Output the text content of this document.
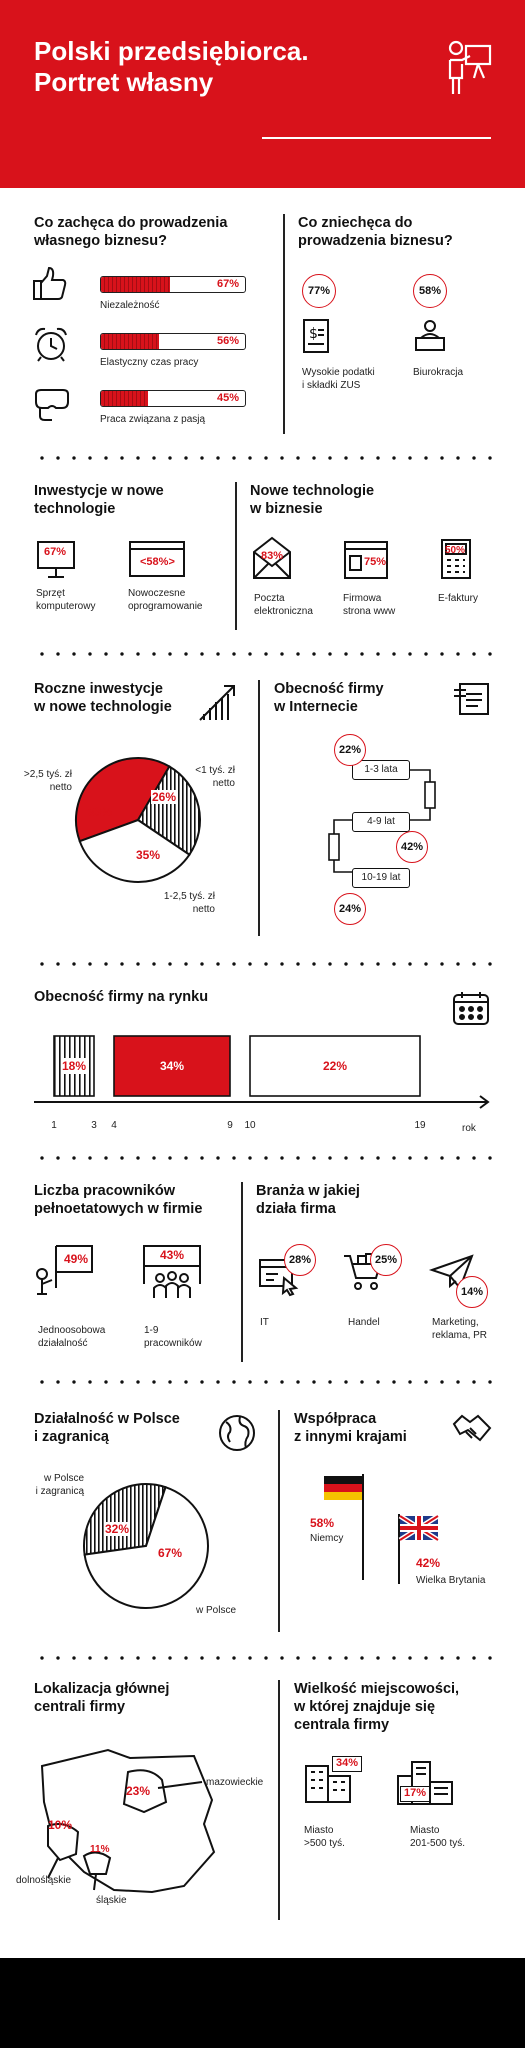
Polski przedsiębiorca.
Portret własny
Co zachęca do prowadzenia
własnego biznesu?
67%
Niezależność
56%
Elastyczny czas pracy
45%
Praca związana z pasją
Co zniechęca do
prowadzenia biznesu?
77%	58%
$
Wysokie podatki
i składki ZUS
Biurokracja
Inwestycje w nowe
technologie
67%
<58%>
Sprzęt
komputerowy
Nowoczesne
oprogramowanie
Nowe technologie
w biznesie
83%	75%
50%
Poczta
elektroniczna
Firmowa
strona www
E-faktury
Roczne inwestycje
w nowe technologie
39%
26%
35%
>2,5 tyś. zł
netto
<1 tyś. zł
netto
1-2,5 tyś. zł
netto
Obecność firmy
w Internecie
1-3 lata
4-9 lat
10-19 lat
22%
42%
24%
Obecność firmy na rynku
18%	34%	22%
1	3 4	9 10	19	rok
Liczba pracowników
pełnoetatowych w firmie
49%	43%
Jednoosobowa
działalność
1-9
pracowników
Branża w jakiej
działa firma
28%	25%
14%
IT	Handel	Marketing,
reklama, PR
Działalność w Polsce
i zagranicą
32%
67%
w Polsce
i zagranicą
w Polsce
Współpraca
z innymi krajami
58%
Niemcy
42%
Wielka Brytania
Lokalizacja głównej
centrali firmy
23%
10%
11%
mazowieckie
dolnośląskie
śląskie
Wielkość miejscowości,
w której znajduje się
centrala firmy
34%
17%
Miasto
>500 tyś.
Miasto
201-500 tyś.
